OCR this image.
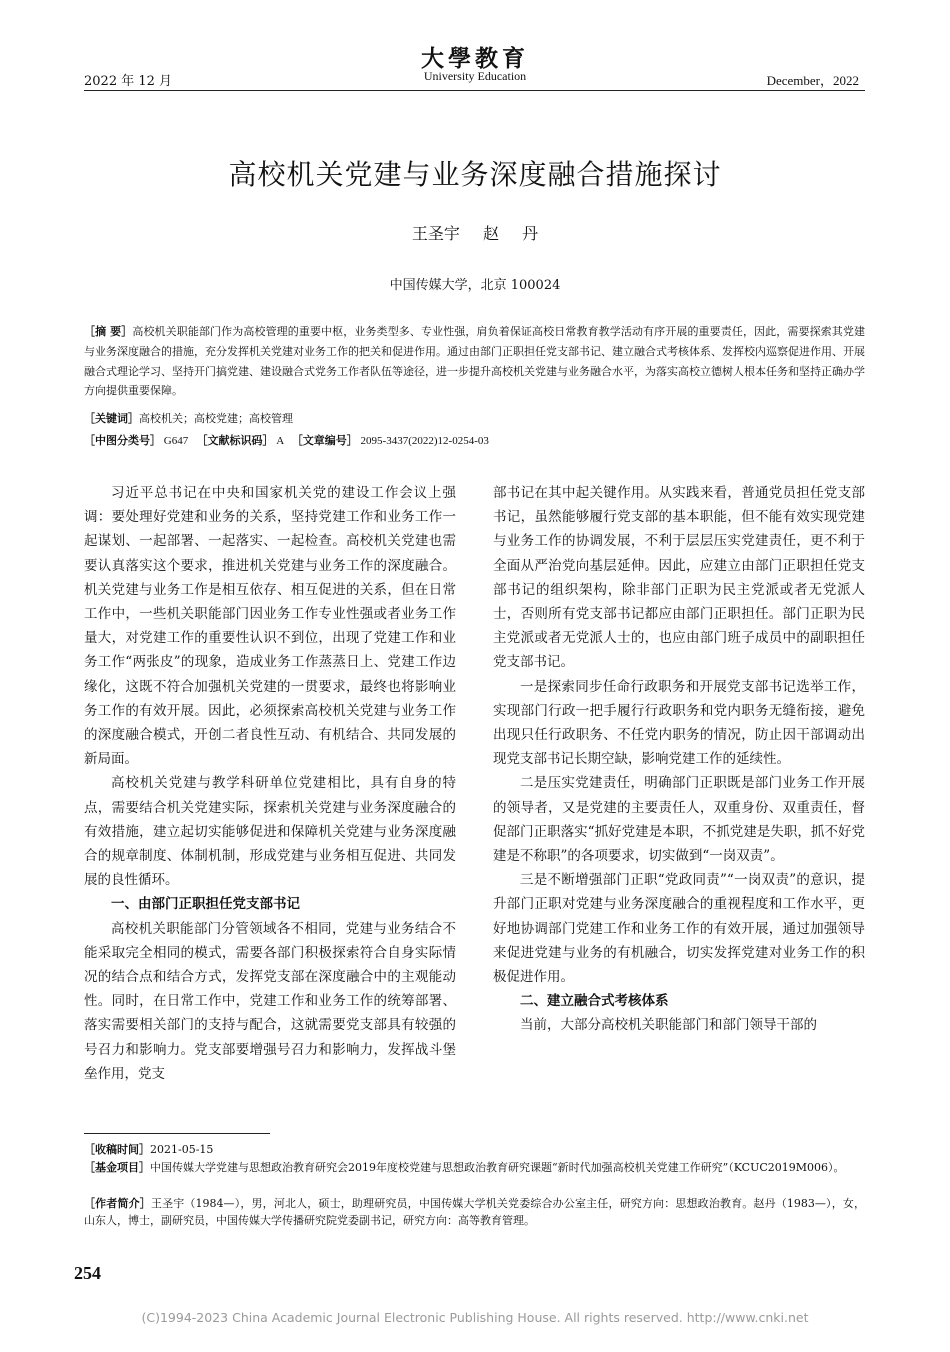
大學教育
University Education
2022 年 12 月	December，2022
高校机关党建与业务深度融合措施探讨
王圣宇 赵 丹
中国传媒大学，北京 100024
［摘 要］高校机关职能部门作为高校管理的重要中枢，业务类型多、专业性强，肩负着保证高校日常教育教学活动有序开展的重要责任，因此，需要探索其党建与业务深度融合的措施，充分发挥机关党建对业务工作的把关和促进作用。通过由部门正职担任党支部书记、建立融合式考核体系、发挥校内巡察促进作用、开展融合式理论学习、坚持开门搞党建、建设融合式党务工作者队伍等途径，进一步提升高校机关党建与业务融合水平，为落实高校立德树人根本任务和坚持正确办学方向提供重要保障。
［关键词］高校机关；高校党建；高校管理
［中图分类号］ G647 ［文献标识码］ A ［文章编号］ 2095-3437(2022)12-0254-03

习近平总书记在中央和国家机关党的建设工作会议上强调：要处理好党建和业务的关系，坚持党建工作和业务工作一起谋划、一起部署、一起落实、一起检查。高校机关党建也需要认真落实这个要求，推进机关党建与业务工作的深度融合。机关党建与业务工作是相互依存、相互促进的关系，但在日常工作中，一些机关职能部门因业务工作专业性强或者业务工作量大，对党建工作的重要性认识不到位，出现了党建工作和业务工作“两张皮”的现象，造成业务工作蒸蒸日上、党建工作边缘化，这既不符合加强机关党建的一贯要求，最终也将影响业务工作的有效开展。因此，必须探索高校机关党建与业务工作的深度融合模式，开创二者良性互动、有机结合、共同发展的新局面。

高校机关党建与教学科研单位党建相比，具有自身的特点，需要结合机关党建实际，探索机关党建与业务深度融合的有效措施，建立起切实能够促进和保障机关党建与业务深度融合的规章制度、体制机制，形成党建与业务相互促进、共同发展的良性循环。

一、由部门正职担任党支部书记

高校机关职能部门分管领域各不相同，党建与业务结合不能采取完全相同的模式，需要各部门积极探索符合自身实际情况的结合点和结合方式，发挥党支部在深度融合中的主观能动性。同时，在日常工作中，党建工作和业务工作的统筹部署、落实需要相关部门的支持与配合，这就需要党支部具有较强的号召力和影响力。党支部要增强号召力和影响力，发挥战斗堡垒作用，党支

部书记在其中起关键作用。从实践来看，普通党员担任党支部书记，虽然能够履行党支部的基本职能，但不能有效实现党建与业务工作的协调发展，不利于层层压实党建责任，更不利于全面从严治党向基层延伸。因此，应建立由部门正职担任党支部书记的组织架构，除非部门正职为民主党派或者无党派人士，否则所有党支部书记都应由部门正职担任。部门正职为民主党派或者无党派人士的，也应由部门班子成员中的副职担任党支部书记。

一是探索同步任命行政职务和开展党支部书记选举工作，实现部门行政一把手履行行政职务和党内职务无缝衔接，避免出现只任行政职务、不任党内职务的情况，防止因干部调动出现党支部书记长期空缺，影响党建工作的延续性。

二是压实党建责任，明确部门正职既是部门业务工作开展的领导者，又是党建的主要责任人，双重身份、双重责任，督促部门正职落实“抓好党建是本职，不抓党建是失职，抓不好党建是不称职”的各项要求，切实做到“一岗双责”。

三是不断增强部门正职“党政同责”“一岗双责”的意识，提升部门正职对党建与业务深度融合的重视程度和工作水平，更好地协调部门党建工作和业务工作的有效开展，通过加强领导来促进党建与业务的有机融合，切实发挥党建对业务工作的积极促进作用。

二、建立融合式考核体系

当前，大部分高校机关职能部门和部门领导干部的

［收稿时间］2021-05-15
［基金项目］中国传媒大学党建与思想政治教育研究会2019年度校党建与思想政治教育研究课题“新时代加强高校机关党建工作研究”（KCUC2019M006）。
［作者简介］王圣宇（1984—），男，河北人，硕士，助理研究员，中国传媒大学机关党委综合办公室主任，研究方向：思想政治教育。赵丹（1983—），女，山东人，博士，副研究员，中国传媒大学传播研究院党委副书记，研究方向：高等教育管理。
254
(C)1994-2023 China Academic Journal Electronic Publishing House. All rights reserved. http://www.cnki.net
